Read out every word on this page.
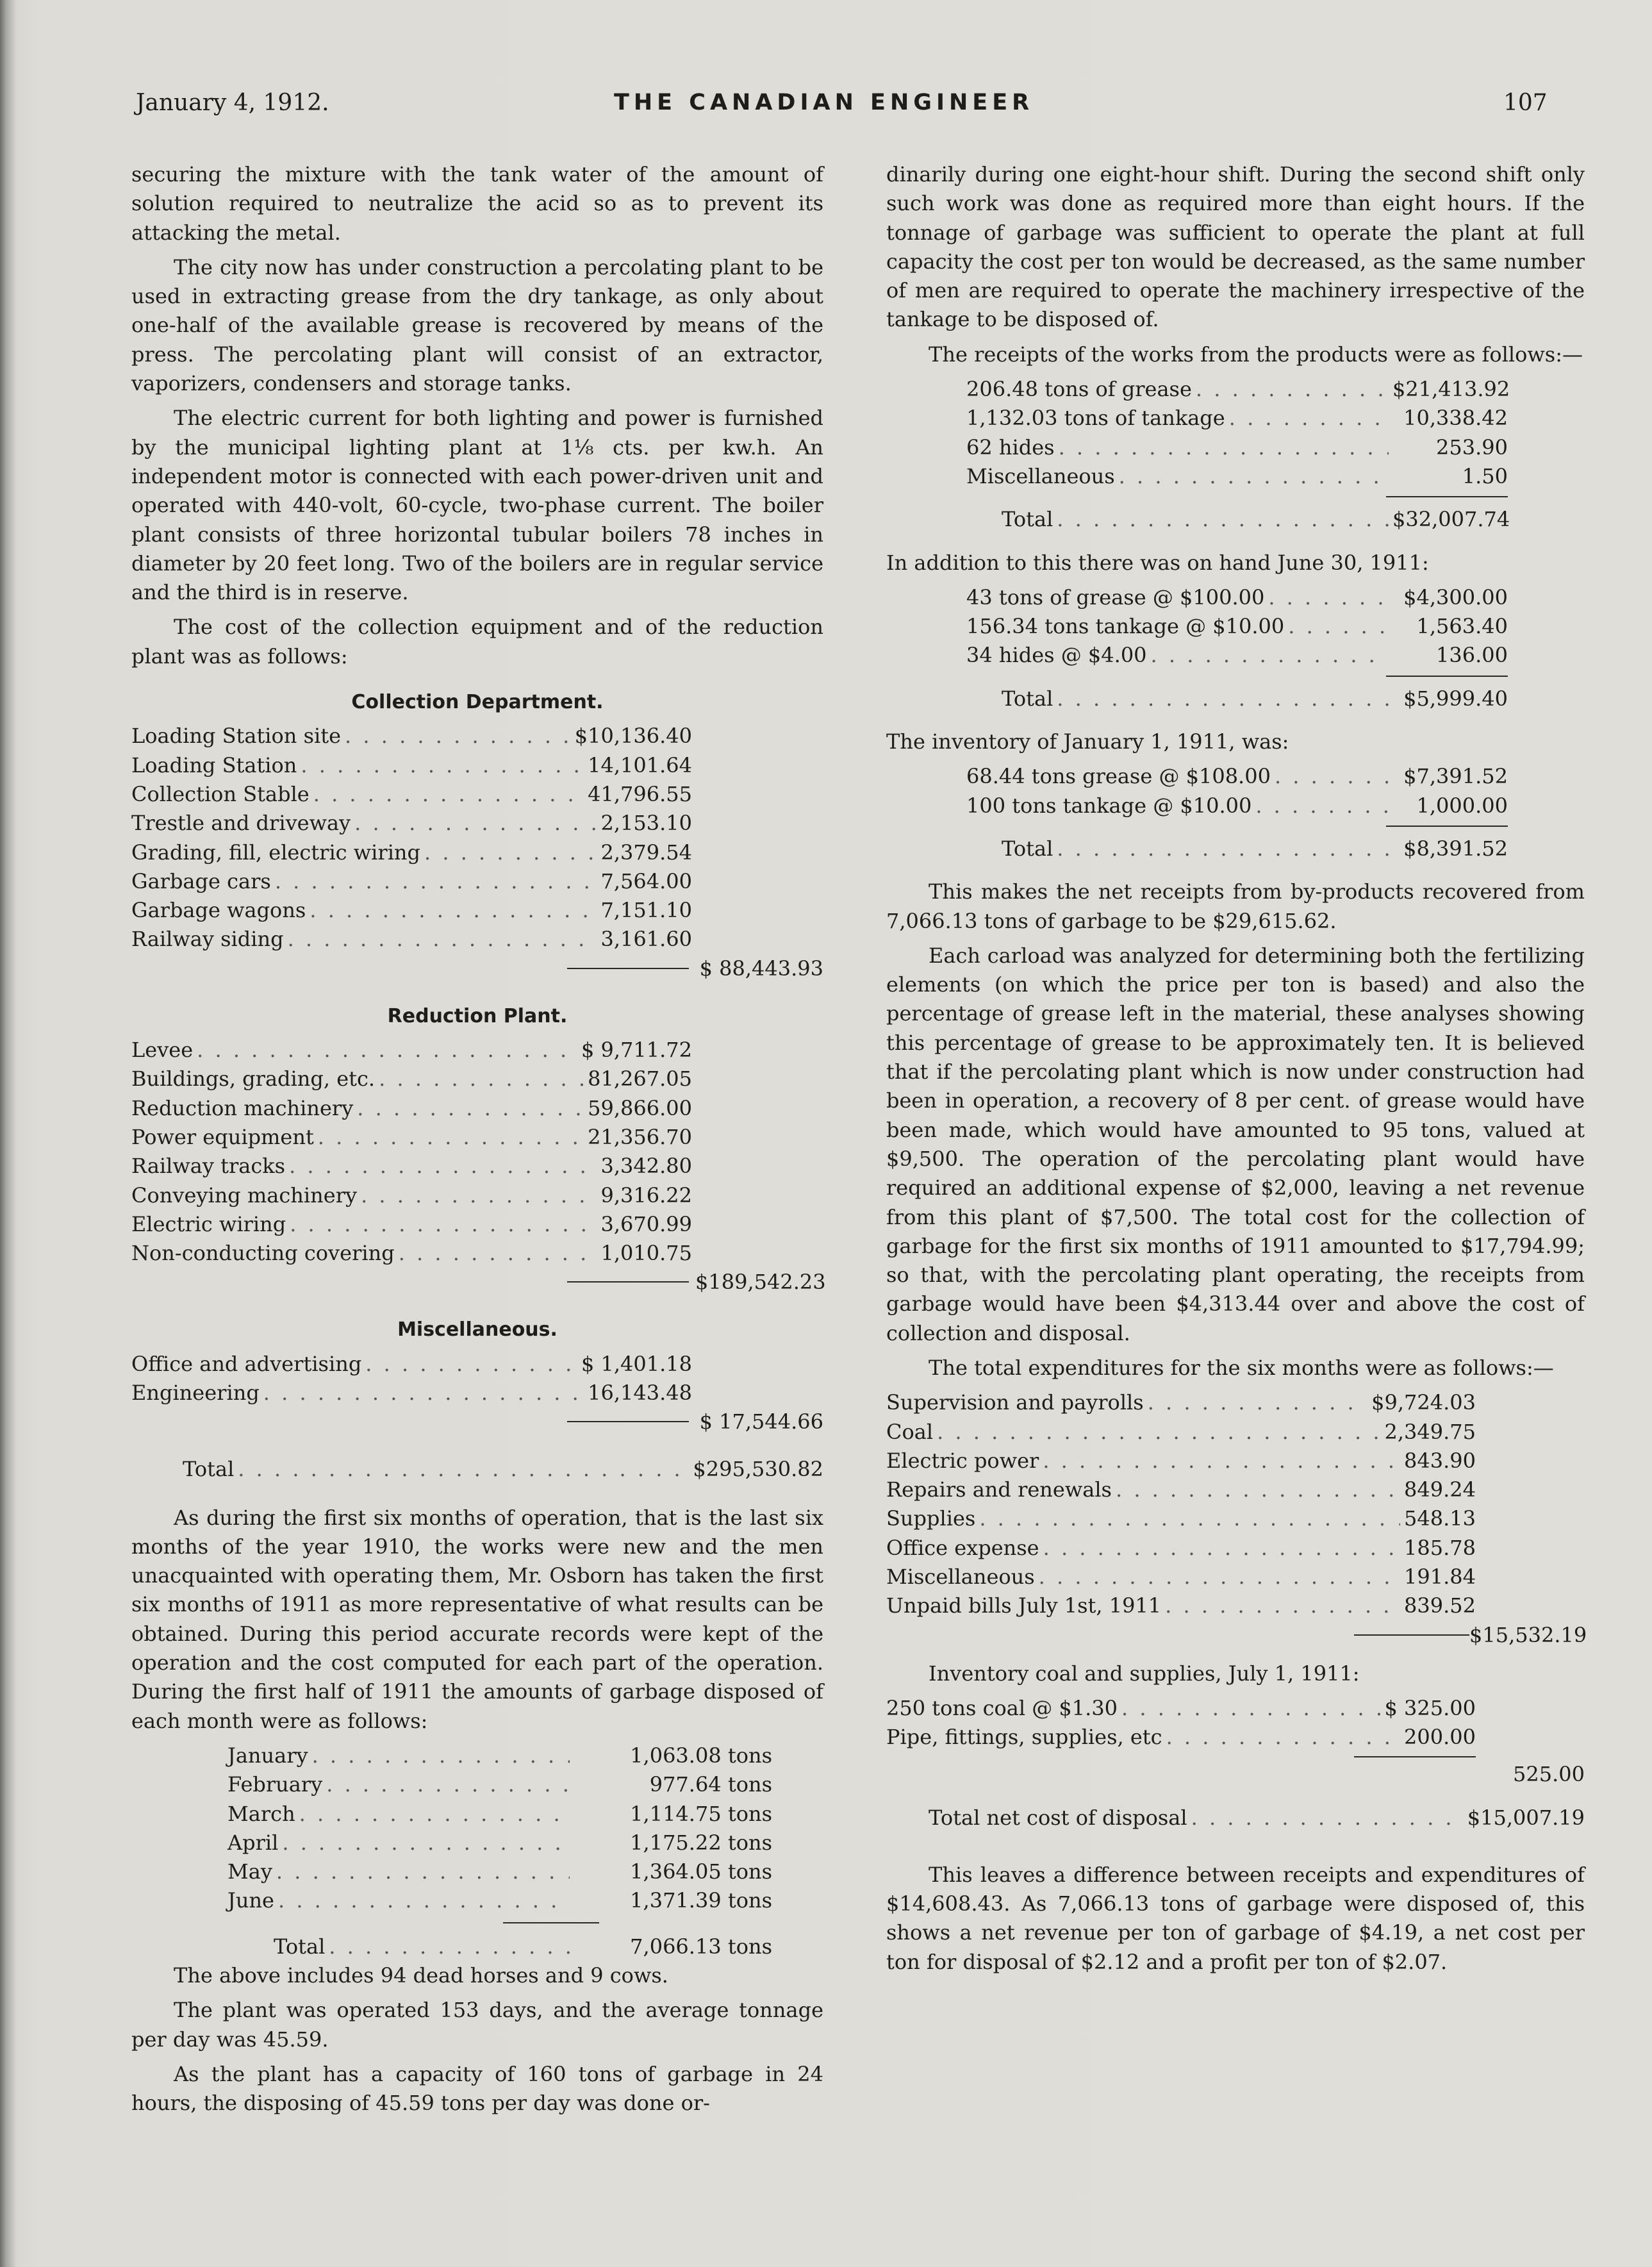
January 4, 1912.	THE CANADIAN ENGINEER	107

securing the mixture with the tank water of the amount of solution required to neutralize the acid so as to prevent its attacking the metal.

The city now has under construction a percolating plant to be used in extracting grease from the dry tankage, as only about one-half of the available grease is recovered by means of the press. The percolating plant will consist of an extractor, vaporizers, condensers and storage tanks.

The electric current for both lighting and power is furnished by the municipal lighting plant at 1⅛ cts. per kw.h. An independent motor is connected with each power-driven unit and operated with 440-volt, 60-cycle, two-phase current. The boiler plant consists of three horizontal tubular boilers 78 inches in diameter by 20 feet long. Two of the boilers are in regular service and the third is in reserve.

The cost of the collection equipment and of the reduction plant was as follows:

Collection Department.
Loading Station site . . .	$10,136.40
Loading Station . . .	14,101.64
Collection Stable . . .	41,796.55
Trestle and driveway . . .	2,153.10
Grading, fill, electric wiring . . .	2,379.54
Garbage cars . . .	7,564.00
Garbage wagons . . .	7,151.10
Railway siding . . .	3,161.60
$ 88,443.93
Reduction Plant.
Levee . . .	$ 9,711.72
Buildings, grading, etc. . . .	81,267.05
Reduction machinery . . .	59,866.00
Power equipment . . .	21,356.70
Railway tracks . . .	3,342.80
Conveying machinery . . .	9,316.22
Electric wiring . . .	3,670.99
Non-conducting covering . . .	1,010.75
$189,542.23
Miscellaneous.
Office and advertising . . .	$ 1,401.18
Engineering . . .	16,143.48
$ 17,544.66
Total . . .	$295,530.82

As during the first six months of operation, that is the last six months of the year 1910, the works were new and the men unacquainted with operating them, Mr. Osborn has taken the first six months of 1911 as more representative of what results can be obtained. During this period accurate records were kept of the operation and the cost computed for each part of the operation. During the first half of 1911 the amounts of garbage disposed of each month were as follows:

January . . .	1,063.08 tons
February . . .	977.64 tons
March . . .	1,114.75 tons
April . . .	1,175.22 tons
May . . .	1,364.05 tons
June . . .	1,371.39 tons
Total . . .	7,066.13 tons

The above includes 94 dead horses and 9 cows.

The plant was operated 153 days, and the average tonnage per day was 45.59.

As the plant has a capacity of 160 tons of garbage in 24 hours, the disposing of 45.59 tons per day was done or-

dinarily during one eight-hour shift. During the second shift only such work was done as required more than eight hours. If the tonnage of garbage was sufficient to operate the plant at full capacity the cost per ton would be decreased, as the same number of men are required to operate the machinery irrespective of the tankage to be disposed of.

The receipts of the works from the products were as follows:—

206.48 tons of grease . . .	$21,413.92
1,132.03 tons of tankage . . .	10,338.42
62 hides . . .	253.90
Miscellaneous . . .	1.50
Total . . .	$32,007.74

In addition to this there was on hand June 30, 1911:

43 tons of grease @ $100.00 . . .	$4,300.00
156.34 tons tankage @ $10.00 . . .	1,563.40
34 hides @ $4.00 . . .	136.00
Total . . .	$5,999.40

The inventory of January 1, 1911, was:

68.44 tons grease @ $108.00 . . .	$7,391.52
100 tons tankage @ $10.00 . . .	1,000.00
Total . . .	$8,391.52

This makes the net receipts from by-products recovered from 7,066.13 tons of garbage to be $29,615.62.

Each carload was analyzed for determining both the fertilizing elements (on which the price per ton is based) and also the percentage of grease left in the material, these analyses showing this percentage of grease to be approximately ten. It is believed that if the percolating plant which is now under construction had been in operation, a recovery of 8 per cent. of grease would have been made, which would have amounted to 95 tons, valued at $9,500. The operation of the percolating plant would have required an additional expense of $2,000, leaving a net revenue from this plant of $7,500. The total cost for the collection of garbage for the first six months of 1911 amounted to $17,794.99; so that, with the percolating plant operating, the receipts from garbage would have been $4,313.44 over and above the cost of collection and disposal.

The total expenditures for the six months were as follows:—

Supervision and payrolls . . .	$9,724.03
Coal . . .	2,349.75
Electric power . . .	843.90
Repairs and renewals . . .	849.24
Supplies . . .	548.13
Office expense . . .	185.78
Miscellaneous . . .	191.84
Unpaid bills July 1st, 1911 . . .	839.52
$15,532.19

Inventory coal and supplies, July 1, 1911:

250 tons coal @ $1.30 . . .	$ 325.00
Pipe, fittings, supplies, etc . . .	200.00
525.00
Total net cost of disposal . . .	$15,007.19

This leaves a difference between receipts and expenditures of $14,608.43. As 7,066.13 tons of garbage were disposed of, this shows a net revenue per ton of garbage of $4.19, a net cost per ton for disposal of $2.12 and a profit per ton of $2.07.
